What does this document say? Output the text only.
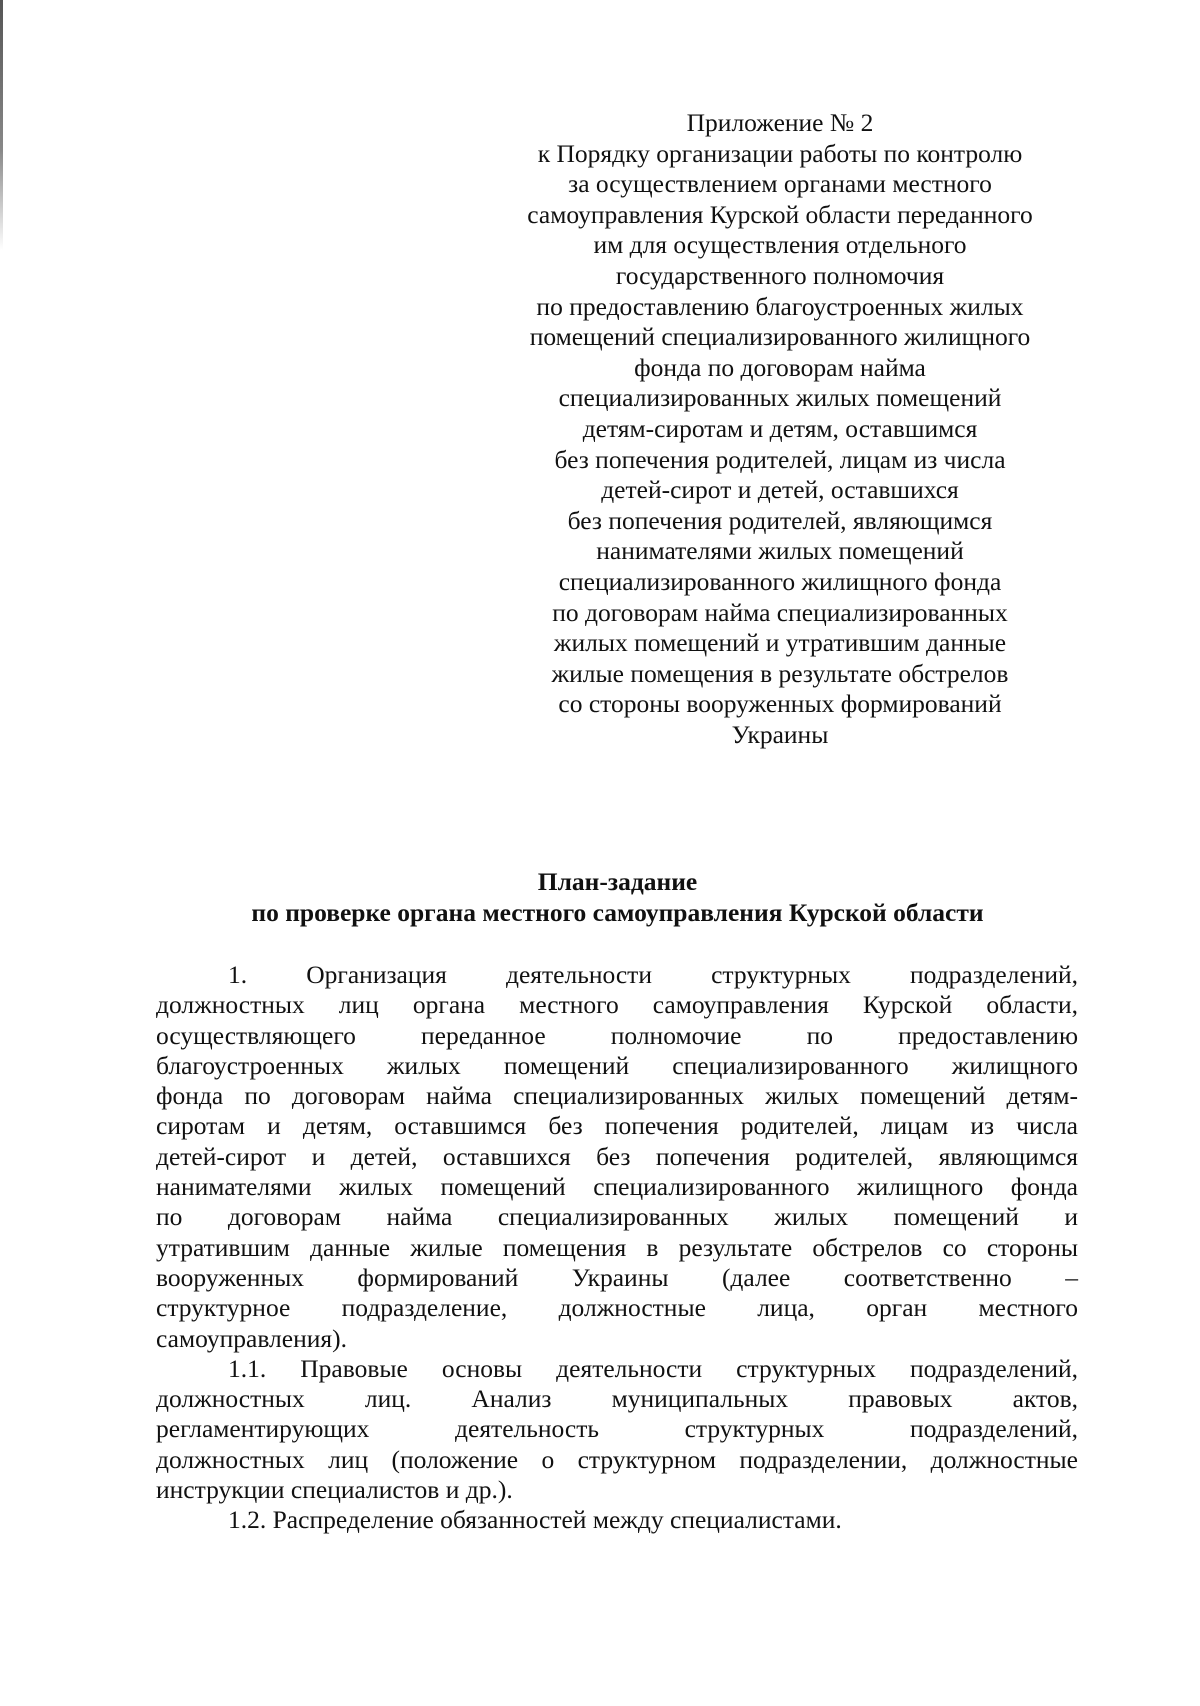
Приложение № 2
к Порядку организации работы по контролю
за осуществлением органами местного
самоуправления Курской области переданного
им для осуществления отдельного
государственного полномочия
по предоставлению благоустроенных жилых
помещений специализированного жилищного
фонда по договорам найма
специализированных жилых помещений
детям-сиротам и детям, оставшимся
без попечения родителей, лицам из числа
детей-сирот и детей, оставшихся
без попечения родителей, являющимся
нанимателями жилых помещений
специализированного жилищного фонда
по договорам найма специализированных
жилых помещений и утратившим данные
жилые помещения в результате обстрелов
со стороны вооруженных формирований
Украины
План-задание
по проверке органа местного самоуправления Курской области
1. Организация деятельности структурных подразделений,
должностных лиц органа местного самоуправления Курской области,
осуществляющего переданное полномочие по предоставлению
благоустроенных жилых помещений специализированного жилищного
фонда по договорам найма специализированных жилых помещений детям-
сиротам и детям, оставшимся без попечения родителей, лицам из числа
детей-сирот и детей, оставшихся без попечения родителей, являющимся
нанимателями жилых помещений специализированного жилищного фонда
по договорам найма специализированных жилых помещений и
утратившим данные жилые помещения в результате обстрелов со стороны
вооруженных формирований Украины (далее соответственно –
структурное подразделение, должностные лица, орган местного
самоуправления).
1.1. Правовые основы деятельности структурных подразделений,
должностных лиц. Анализ муниципальных правовых актов,
регламентирующих деятельность структурных подразделений,
должностных лиц (положение о структурном подразделении, должностные
инструкции специалистов и др.).
1.2. Распределение обязанностей между специалистами.
